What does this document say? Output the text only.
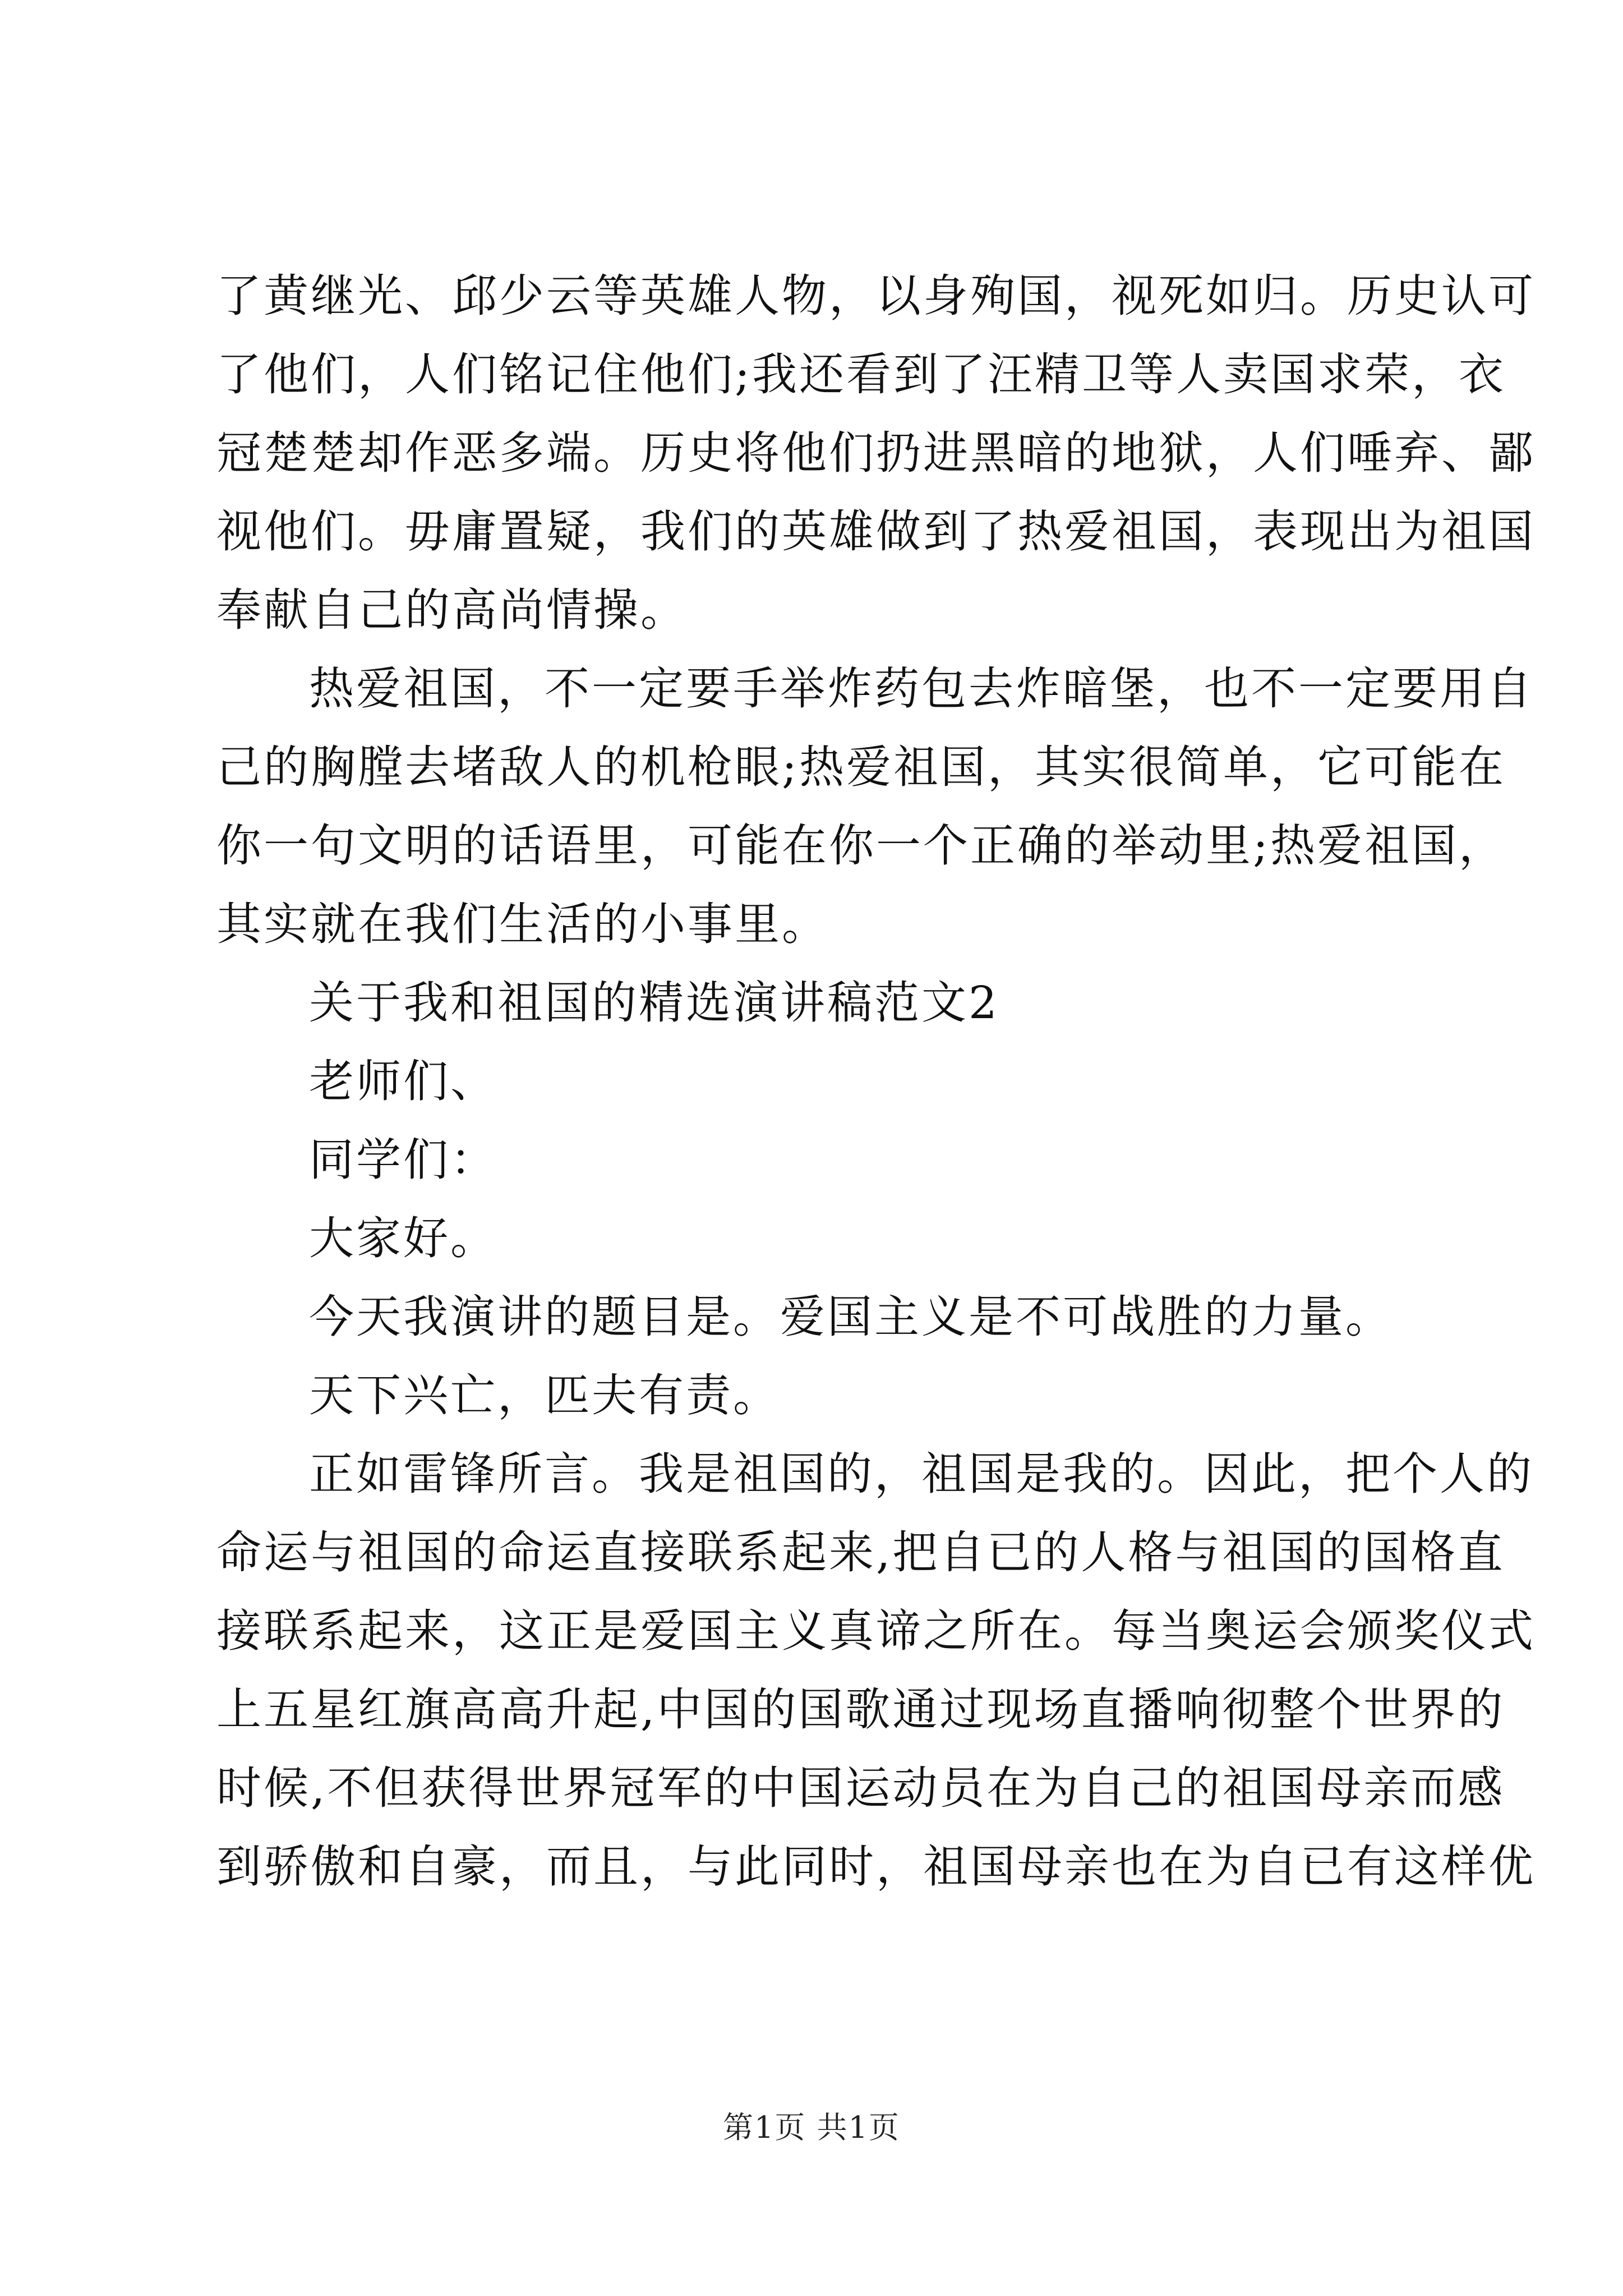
了黄继光、邱少云等英雄人物，以身殉国，视死如归。历史认可
了他们，人们铭记住他们;我还看到了汪精卫等人卖国求荣，衣
冠楚楚却作恶多端。历史将他们扔进黑暗的地狱，人们唾弃、鄙
视他们。毋庸置疑，我们的英雄做到了热爱祖国，表现出为祖国
奉献自己的高尚情操。
热爱祖国，不一定要手举炸药包去炸暗堡，也不一定要用自
己的胸膛去堵敌人的机枪眼;热爱祖国，其实很简单，它可能在
你一句文明的话语里，可能在你一个正确的举动里;热爱祖国，
其实就在我们生活的小事里。
关于我和祖国的精选演讲稿范文2
老师们、
同学们：
大家好。
今天我演讲的题目是。爱国主义是不可战胜的力量。
天下兴亡，匹夫有责。
正如雷锋所言。我是祖国的，祖国是我的。因此，把个人的
命运与祖国的命运直接联系起来,把自已的人格与祖国的国格直
接联系起来，这正是爱国主义真谛之所在。每当奥运会颁奖仪式
上五星红旗高高升起,中国的国歌通过现场直播响彻整个世界的
时候,不但获得世界冠军的中国运动员在为自己的祖国母亲而感
到骄傲和自豪，而且，与此同时，祖国母亲也在为自已有这样优
第1页 共1页
